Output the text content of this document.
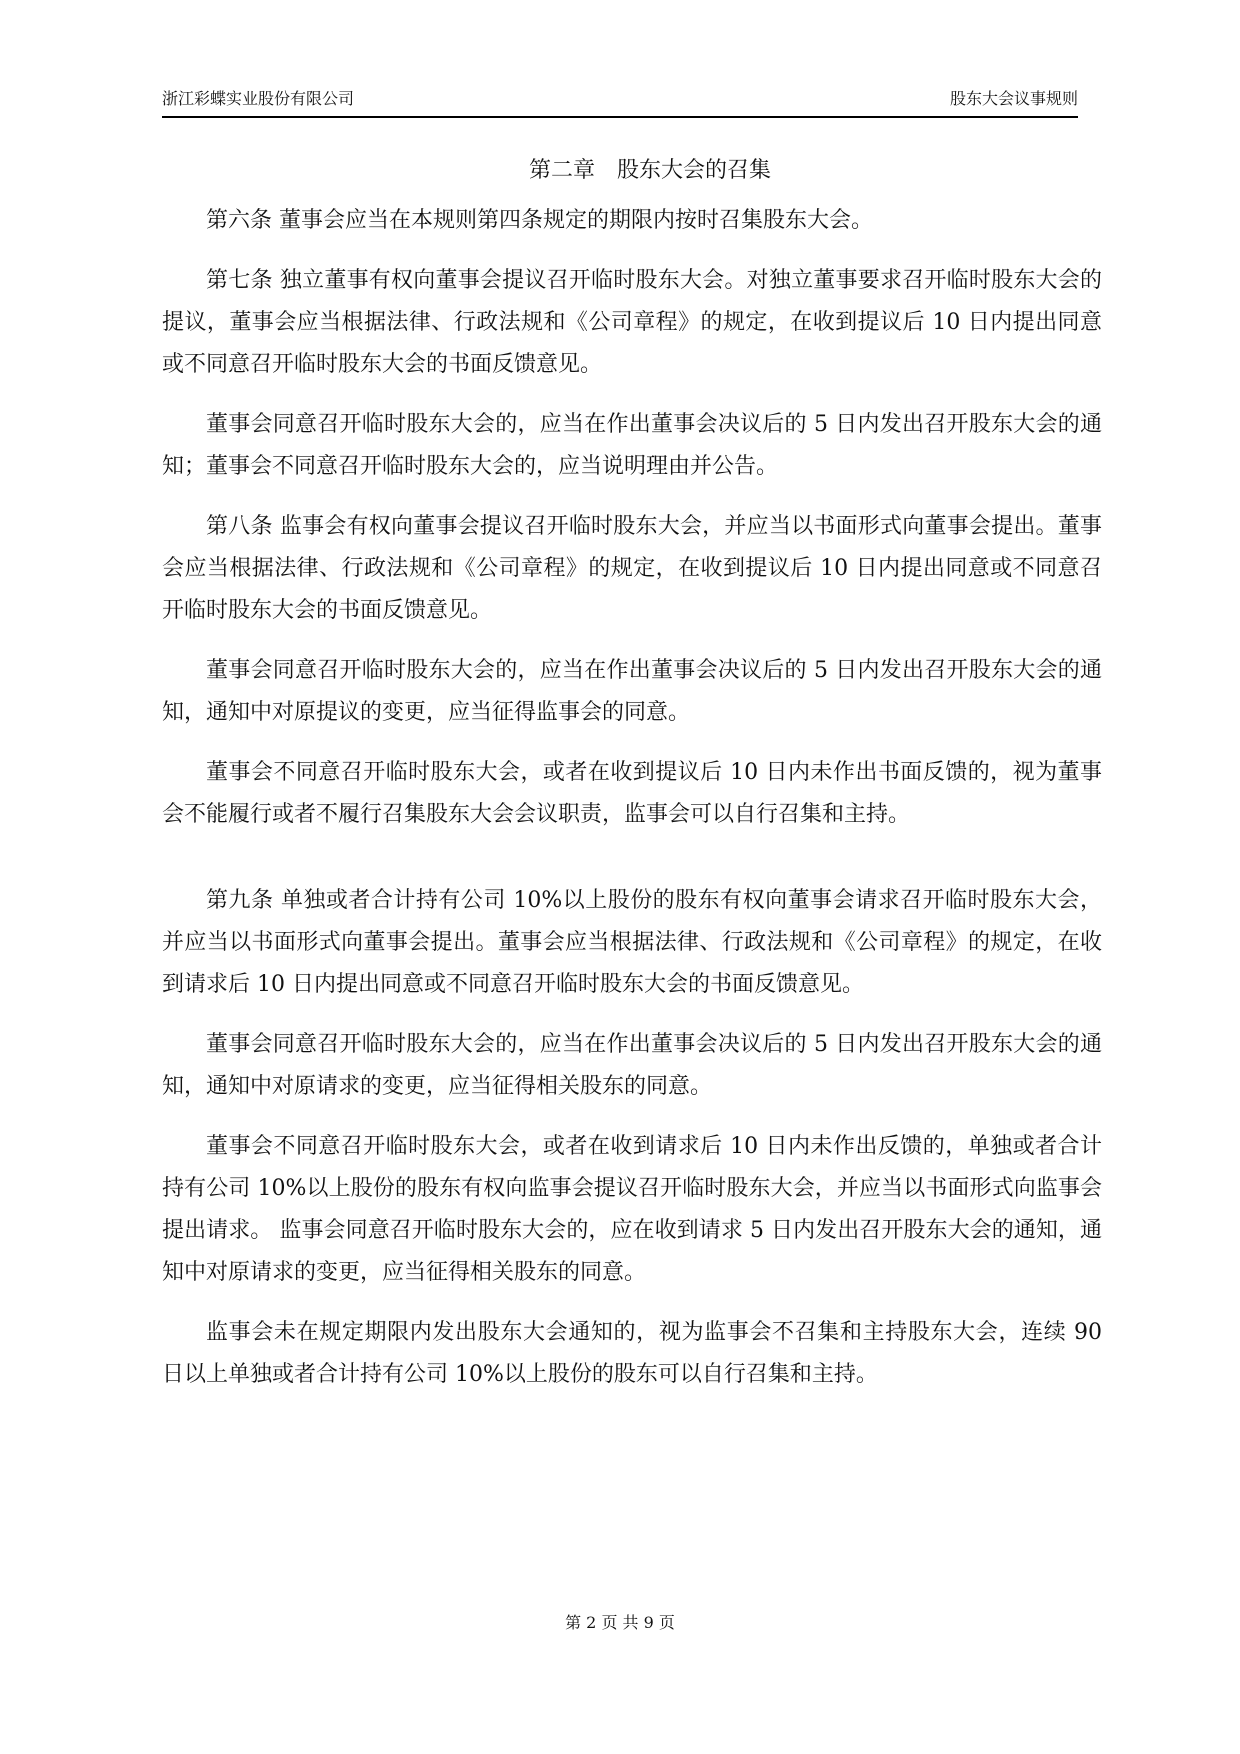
浙江彩蝶实业股份有限公司	股东大会议事规则
第二章　股东大会的召集

第六条 董事会应当在本规则第四条规定的期限内按时召集股东大会。

第七条 独立董事有权向董事会提议召开临时股东大会。对独立董事要求召开临时股东大会的提议，董事会应当根据法律、行政法规和《公司章程》的规定，在收到提议后 10 日内提出同意或不同意召开临时股东大会的书面反馈意见。

董事会同意召开临时股东大会的，应当在作出董事会决议后的 5 日内发出召开股东大会的通知；董事会不同意召开临时股东大会的，应当说明理由并公告。

第八条 监事会有权向董事会提议召开临时股东大会，并应当以书面形式向董事会提出。董事会应当根据法律、行政法规和《公司章程》的规定，在收到提议后 10 日内提出同意或不同意召开临时股东大会的书面反馈意见。

董事会同意召开临时股东大会的，应当在作出董事会决议后的 5 日内发出召开股东大会的通知，通知中对原提议的变更，应当征得监事会的同意。

董事会不同意召开临时股东大会，或者在收到提议后 10 日内未作出书面反馈的，视为董事会不能履行或者不履行召集股东大会会议职责，监事会可以自行召集和主持。

第九条 单独或者合计持有公司 10%以上股份的股东有权向董事会请求召开临时股东大会，并应当以书面形式向董事会提出。董事会应当根据法律、行政法规和《公司章程》的规定，在收到请求后 10 日内提出同意或不同意召开临时股东大会的书面反馈意见。

董事会同意召开临时股东大会的，应当在作出董事会决议后的 5 日内发出召开股东大会的通知，通知中对原请求的变更，应当征得相关股东的同意。

董事会不同意召开临时股东大会，或者在收到请求后 10 日内未作出反馈的，单独或者合计持有公司 10%以上股份的股东有权向监事会提议召开临时股东大会，并应当以书面形式向监事会提出请求。 监事会同意召开临时股东大会的，应在收到请求 5 日内发出召开股东大会的通知，通知中对原请求的变更，应当征得相关股东的同意。

监事会未在规定期限内发出股东大会通知的，视为监事会不召集和主持股东大会，连续 90 日以上单独或者合计持有公司 10%以上股份的股东可以自行召集和主持。

第 2 页 共 9 页
